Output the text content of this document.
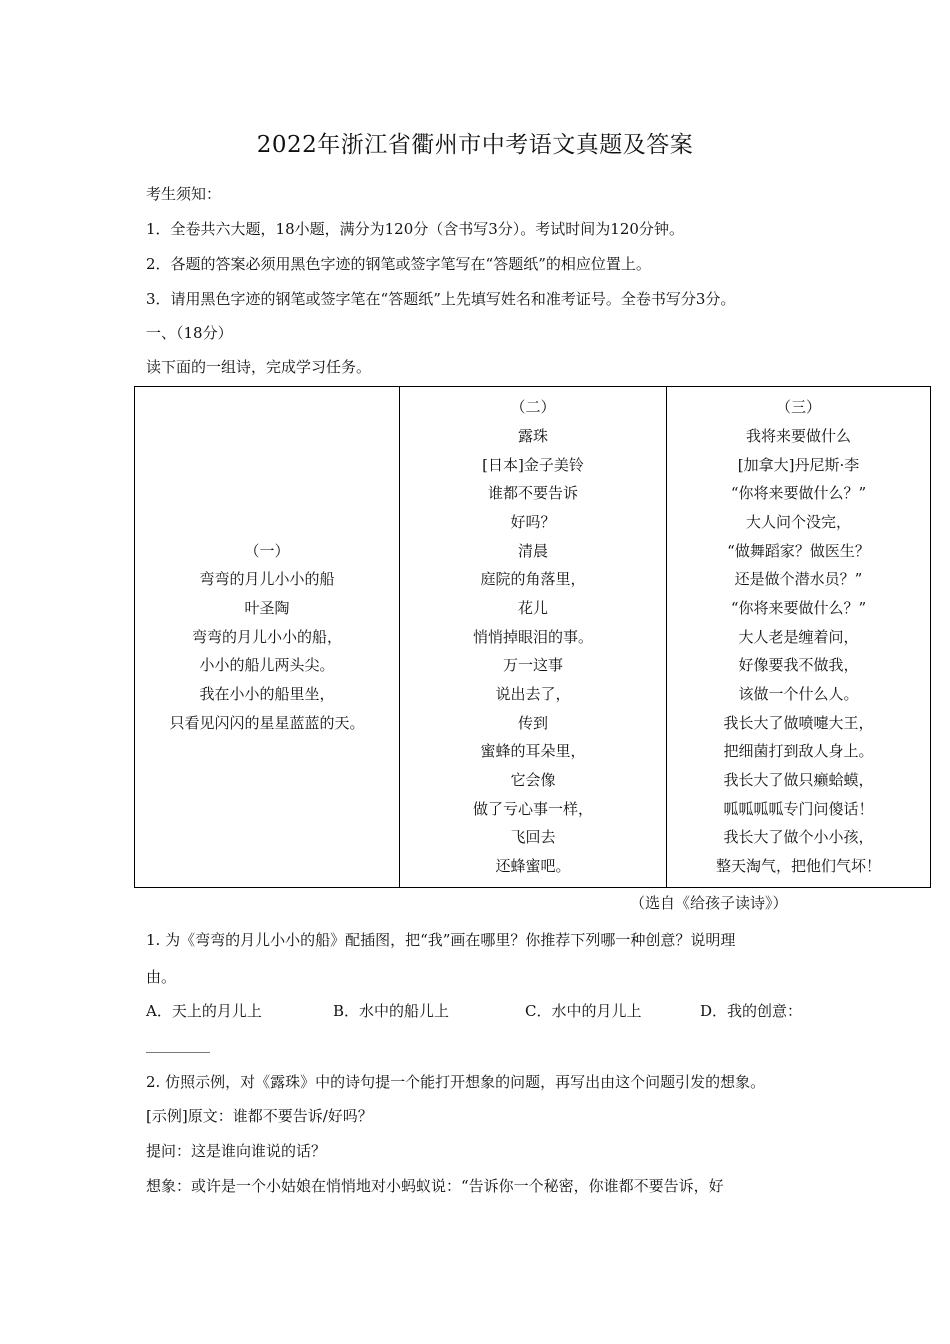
2022年浙江省衢州市中考语文真题及答案
考生须知：
1．全卷共六大题，18小题，满分为120分（含书写3分）。考试时间为120分钟。
2．各题的答案必须用黑色字迹的钢笔或签字笔写在“答题纸”的相应位置上。
3．请用黑色字迹的钢笔或签字笔在“答题纸”上先填写姓名和准考证号。全卷书写分3分。
一、（18分）
读下面的一组诗，完成学习任务。
（一）
弯弯的月儿小小的船
叶圣陶
弯弯的月儿小小的船，
小小的船儿两头尖。
我在小小的船里坐，
只看见闪闪的星星蓝蓝的天。

（二）
露珠
[日本]金子美铃
谁都不要告诉
好吗？
清晨
庭院的角落里，
花儿
悄悄掉眼泪的事。
万一这事
说出去了，
传到
蜜蜂的耳朵里，
它会像
做了亏心事一样，
飞回去
还蜂蜜吧。

（三）
我将来要做什么
[加拿大]丹尼斯·李
“你将来要做什么？”
大人问个没完，
“做舞蹈家？做医生？
还是做个潜水员？”
“你将来要做什么？”
大人老是缠着问，
好像要我不做我，
该做一个什么人。
我长大了做喷嚏大王，
把细菌打到敌人身上。
我长大了做只癞蛤蟆，
呱呱呱呱专门问傻话！
我长大了做个小小孩，
整天淘气，把他们气坏！
（选自《给孩子读诗》）
1. 为《弯弯的月儿小小的船》配插图，把“我”画在哪里？你推荐下列哪一种创意？说明理
由。
A．天上的月儿上	B．水中的船儿上	C．水中的月儿上	D．我的创意：
2. 仿照示例，对《露珠》中的诗句提一个能打开想象的问题，再写出由这个问题引发的想象。
[示例]原文：谁都不要告诉/好吗？
提问：这是谁向谁说的话？
想象：或许是一个小姑娘在悄悄地对小蚂蚁说：“告诉你一个秘密，你谁都不要告诉，好
